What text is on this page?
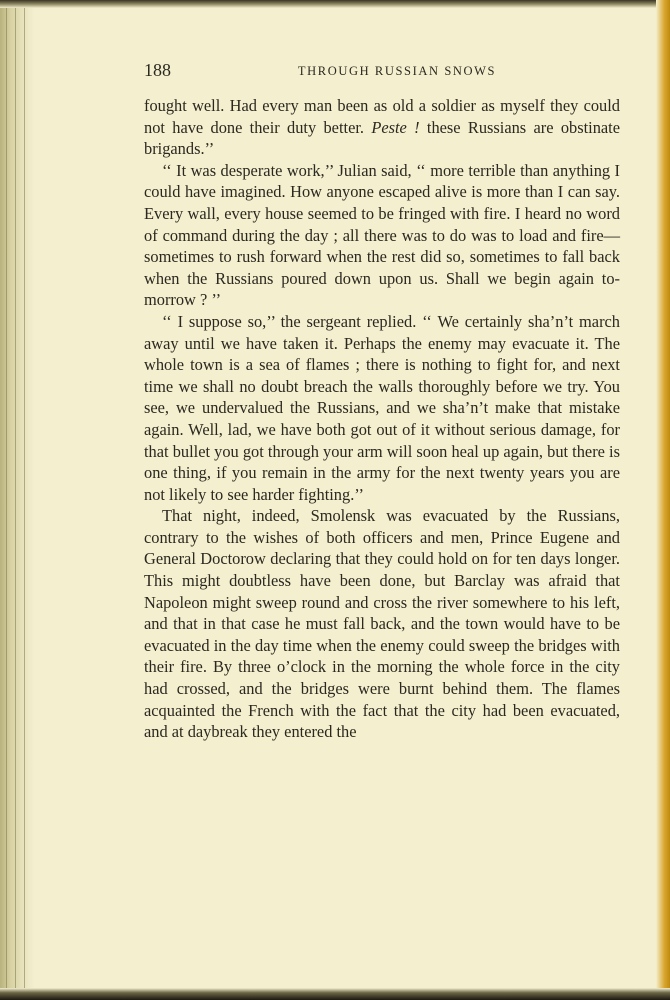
188	THROUGH RUSSIAN SNOWS

fought well. Had every man been as old a soldier as myself they could not have done their duty better. Peste ! these Russians are obstinate brigands.’’

‘‘ It was desperate work,’’ Julian said, ‘‘ more terrible than anything I could have imagined. How anyone escaped alive is more than I can say. Every wall, every house seemed to be fringed with fire. I heard no word of command during the day ; all there was to do was to load and fire—sometimes to rush forward when the rest did so, sometimes to fall back when the Russians poured down upon us. Shall we begin again to-morrow ? ’’

‘‘ I suppose so,’’ the sergeant replied. ‘‘ We certainly sha’n’t march away until we have taken it. Perhaps the enemy may evacuate it. The whole town is a sea of flames ; there is nothing to fight for, and next time we shall no doubt breach the walls thoroughly before we try. You see, we undervalued the Russians, and we sha’n’t make that mistake again. Well, lad, we have both got out of it without serious damage, for that bullet you got through your arm will soon heal up again, but there is one thing, if you remain in the army for the next twenty years you are not likely to see harder fighting.’’

That night, indeed, Smolensk was evacuated by the Russians, contrary to the wishes of both officers and men, Prince Eugene and General Doctorow declaring that they could hold on for ten days longer. This might doubtless have been done, but Barclay was afraid that Napoleon might sweep round and cross the river somewhere to his left, and that in that case he must fall back, and the town would have to be evacuated in the day time when the enemy could sweep the bridges with their fire. By three o’clock in the morning the whole force in the city had crossed, and the bridges were burnt behind them. The flames acquainted the French with the fact that the city had been evacuated, and at daybreak they entered the
